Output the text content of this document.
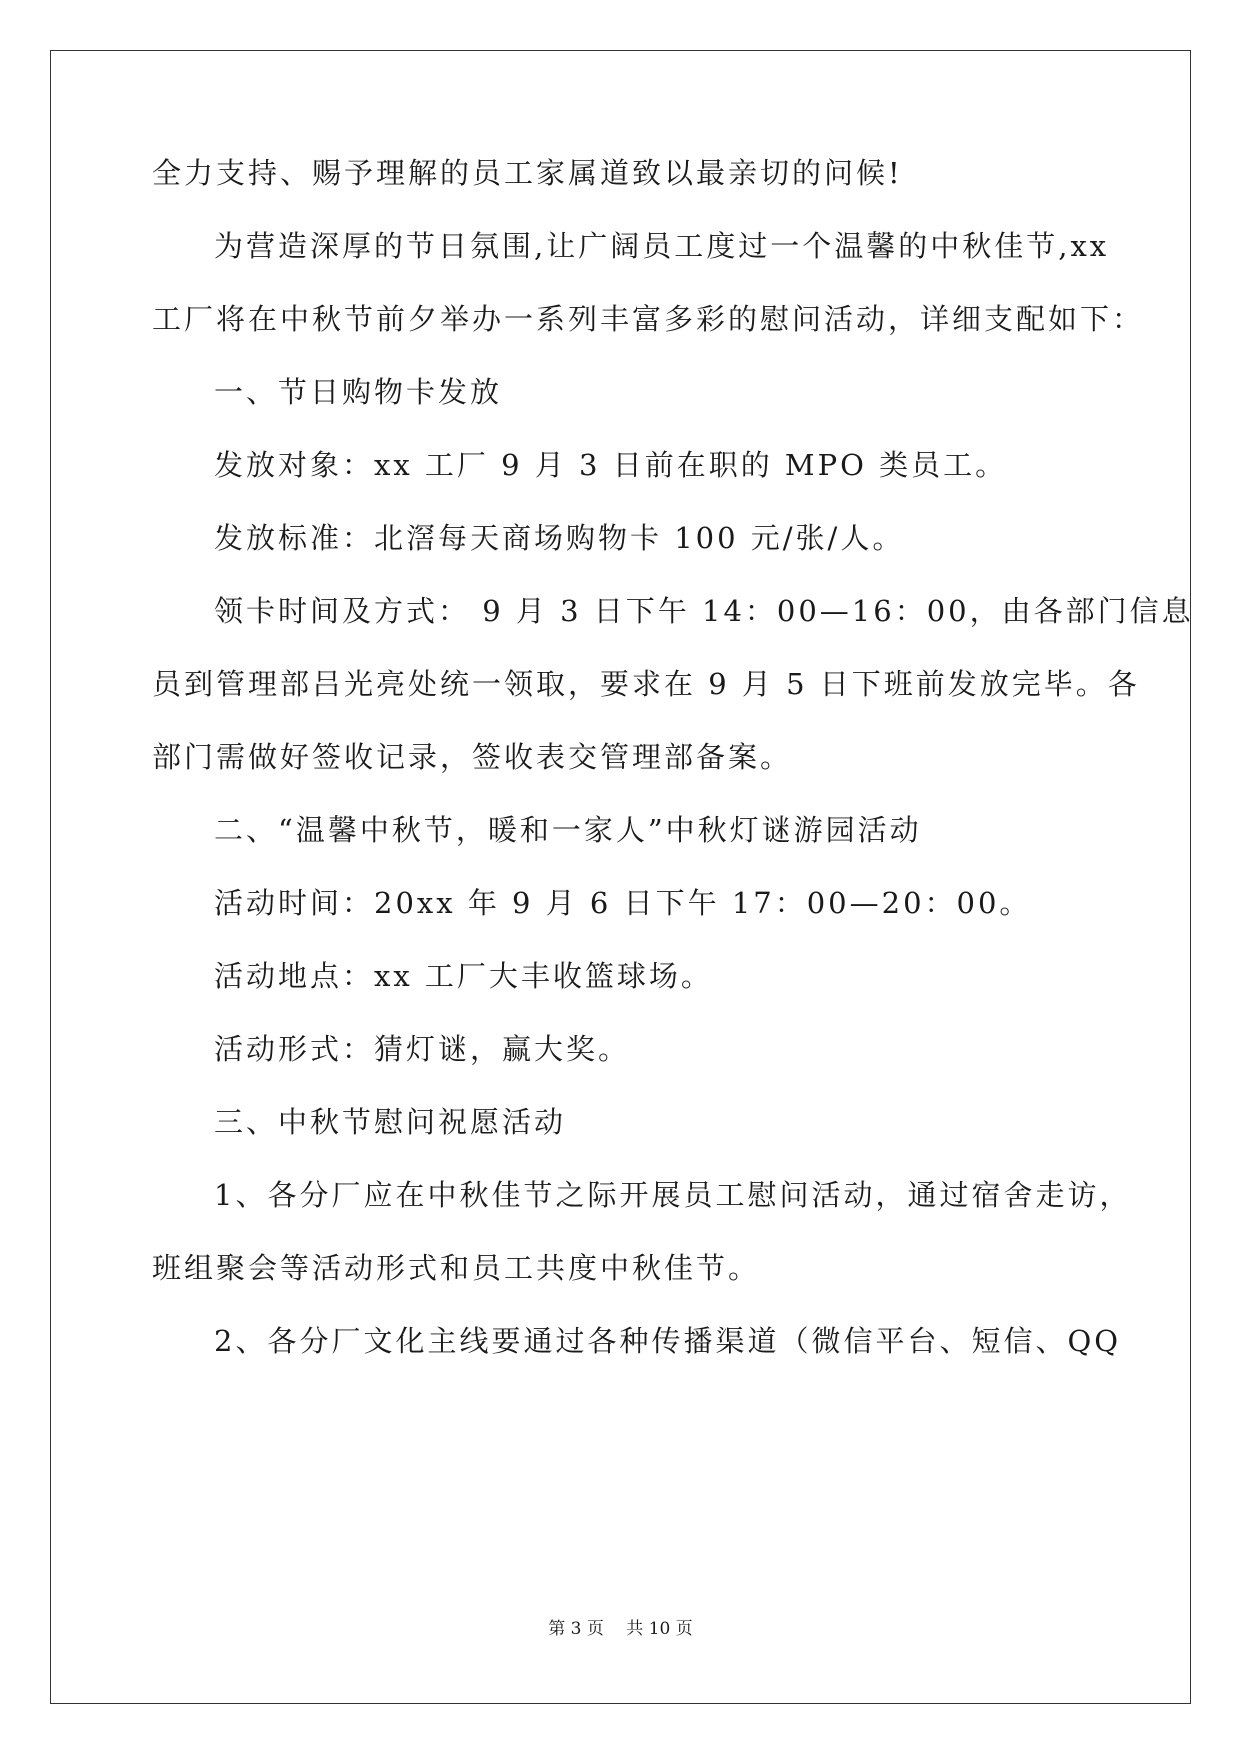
全力支持、赐予理解的员工家属道致以最亲切的问候!
为营造深厚的节日氛围,让广阔员工度过一个温馨的中秋佳节,xx
工厂将在中秋节前夕举办一系列丰富多彩的慰问活动，详细支配如下：
一、节日购物卡发放
发放对象：xx 工厂 9 月 3 日前在职的 MPO 类员工。
发放标准：北滘每天商场购物卡 100 元/张/人。
领卡时间及方式： 9 月 3 日下午 14：00—16：00，由各部门信息
员到管理部吕光亮处统一领取，要求在 9 月 5 日下班前发放完毕。各
部门需做好签收记录，签收表交管理部备案。
二、“温馨中秋节，暖和一家人”中秋灯谜游园活动
活动时间：20xx 年 9 月 6 日下午 17：00—20：00。
活动地点：xx 工厂大丰收篮球场。
活动形式：猜灯谜，赢大奖。
三、中秋节慰问祝愿活动
1、各分厂应在中秋佳节之际开展员工慰问活动，通过宿舍走访，
班组聚会等活动形式和员工共度中秋佳节。
2、各分厂文化主线要通过各种传播渠道（微信平台、短信、QQ
第 3 页　 共 10 页
